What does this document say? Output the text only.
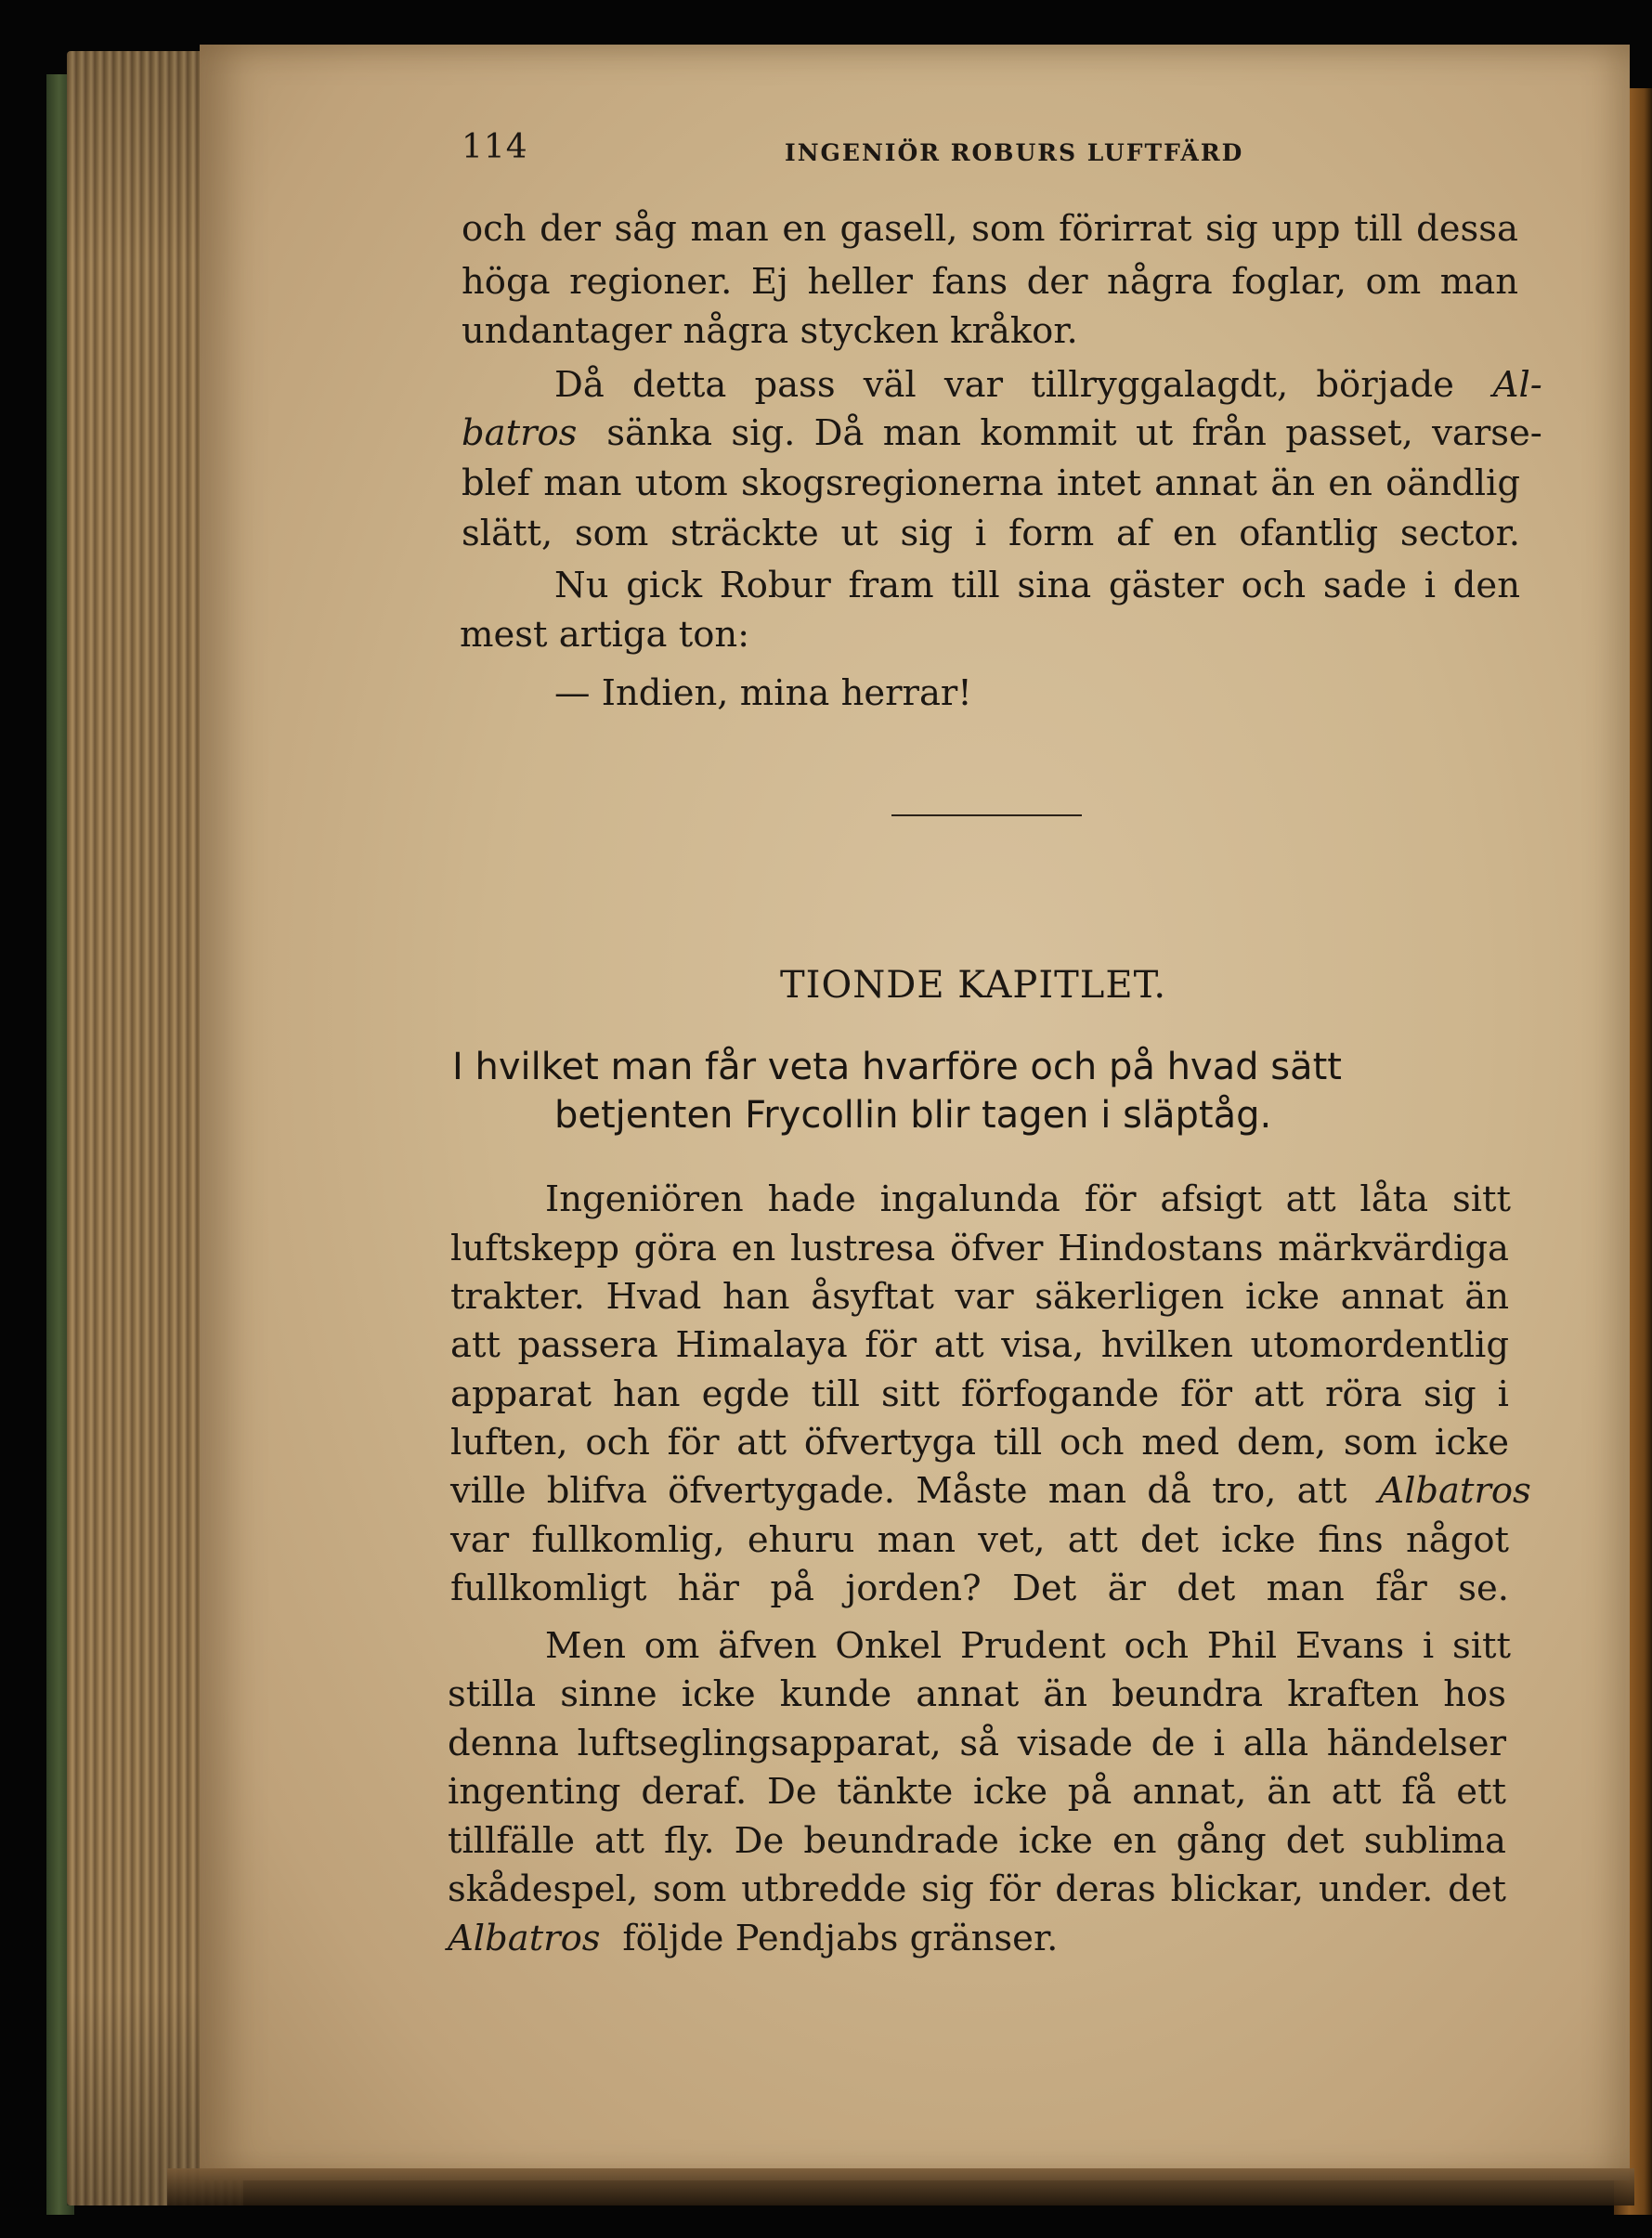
114	INGENIÖR ROBURS LUFTFÄRD
och der såg man en gasell, som förirrat sig upp till dessa
höga regioner. Ej heller fans der några foglar, om man
undantager några stycken kråkor.
Då detta pass väl var tillryggalagdt, började Al-
batros sänka sig. Då man kommit ut från passet, varse-
blef man utom skogsregionerna intet annat än en oändlig
slätt, som sträckte ut sig i form af en ofantlig sector.
Nu gick Robur fram till sina gäster och sade i den
mest artiga ton:
— Indien, mina herrar!
TIONDE KAPITLET.
I hvilket man får veta hvarföre och på hvad sätt
betjenten Frycollin blir tagen i släptåg.
Ingeniören hade ingalunda för afsigt att låta sitt
luftskepp göra en lustresa öfver Hindostans märkvärdiga
trakter. Hvad han åsyftat var säkerligen icke annat än
att passera Himalaya för att visa, hvilken utomordentlig
apparat han egde till sitt förfogande för att röra sig i
luften, och för att öfvertyga till och med dem, som icke
ville blifva öfvertygade. Måste man då tro, att Albatros
var fullkomlig, ehuru man vet, att det icke fins något
fullkomligt här på jorden? Det är det man får se.
Men om äfven Onkel Prudent och Phil Evans i sitt
stilla sinne icke kunde annat än beundra kraften hos
denna luftseglingsapparat, så visade de i alla händelser
ingenting deraf. De tänkte icke på annat, än att få ett
tillfälle att fly. De beundrade icke en gång det sublima
skådespel, som utbredde sig för deras blickar, under. det
Albatros följde Pendjabs gränser.
